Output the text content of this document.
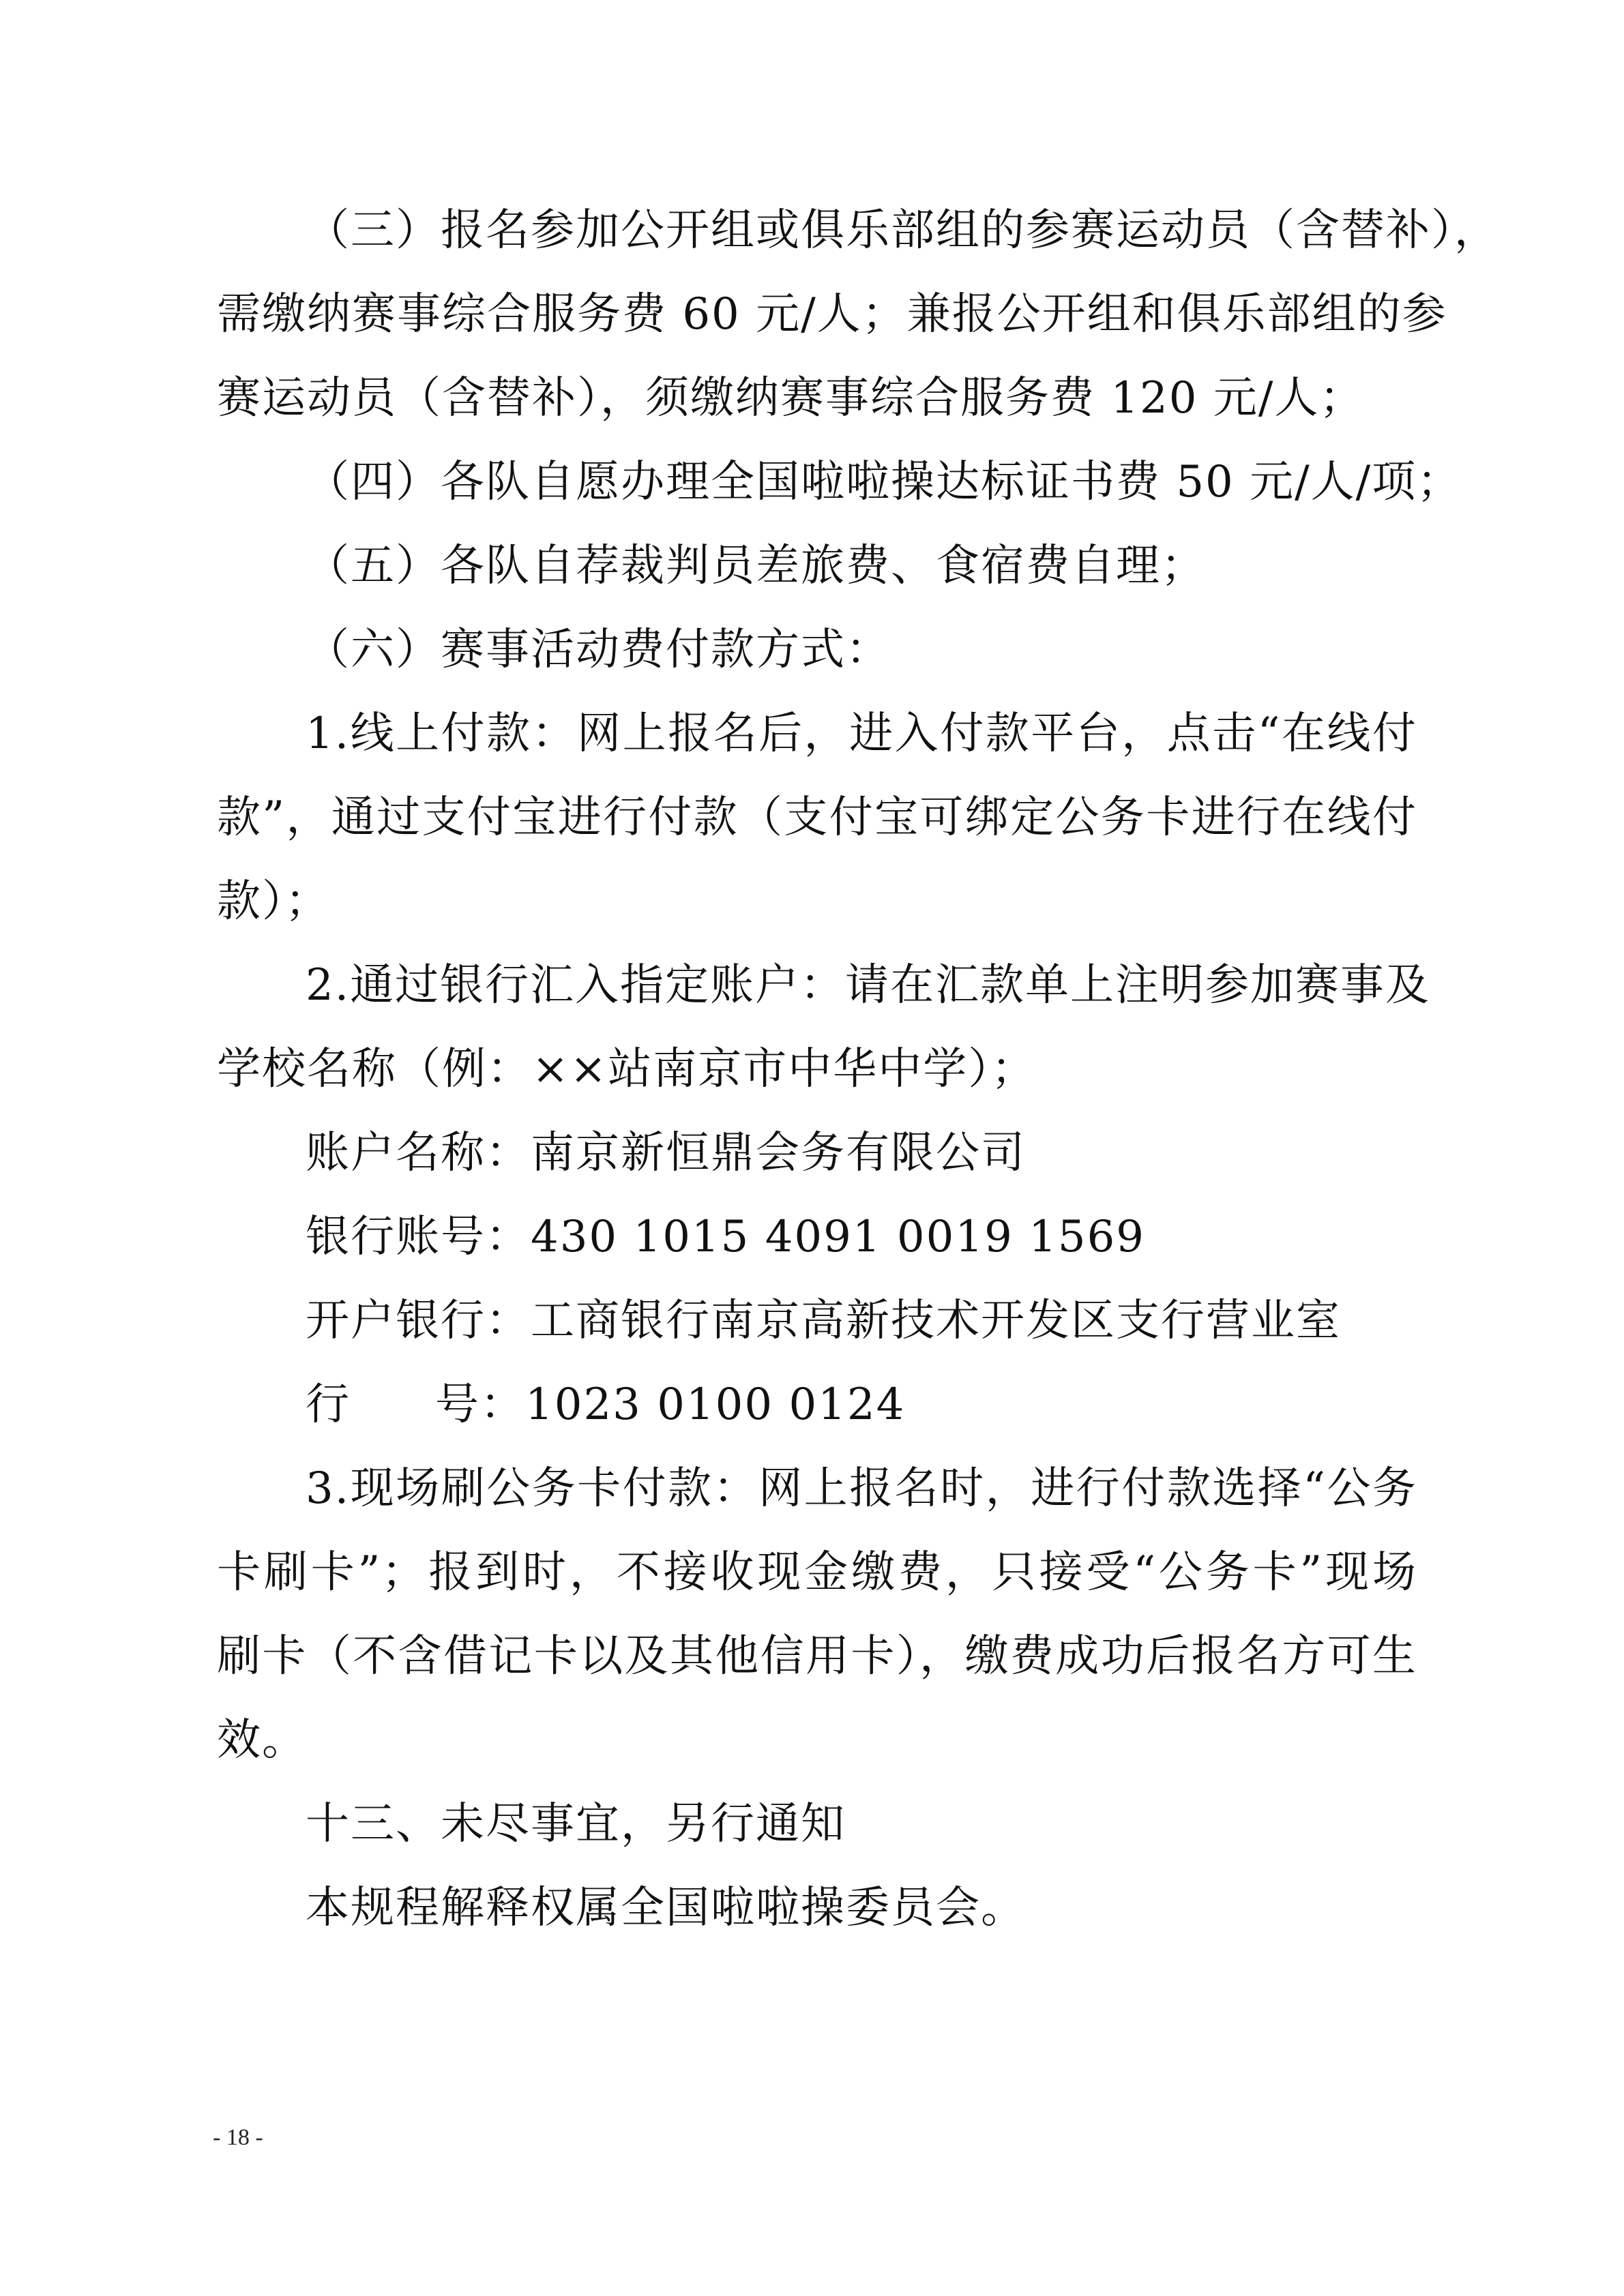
（三）报名参加公开组或俱乐部组的参赛运动员（含替补），
需缴纳赛事综合服务费 60 元/人；兼报公开组和俱乐部组的参
赛运动员（含替补），须缴纳赛事综合服务费 120 元/人；
（四）各队自愿办理全国啦啦操达标证书费 50 元/人/项；
（五）各队自荐裁判员差旅费、食宿费自理；
（六）赛事活动费付款方式：
1.线上付款：网上报名后，进入付款平台，点击“在线付
款”，通过支付宝进行付款（支付宝可绑定公务卡进行在线付
款）；
2.通过银行汇入指定账户：请在汇款单上注明参加赛事及
学校名称（例：××站南京市中华中学）；
账户名称：南京新恒鼎会务有限公司
银行账号：430 1015 4091 0019 1569
开户银行：工商银行南京高新技术开发区支行营业室
行 号：1023 0100 0124
3.现场刷公务卡付款：网上报名时，进行付款选择“公务
卡刷卡”；报到时，不接收现金缴费，只接受“公务卡”现场
刷卡（不含借记卡以及其他信用卡），缴费成功后报名方可生
效。
十三、未尽事宜，另行通知
本规程解释权属全国啦啦操委员会。
- 18 -
